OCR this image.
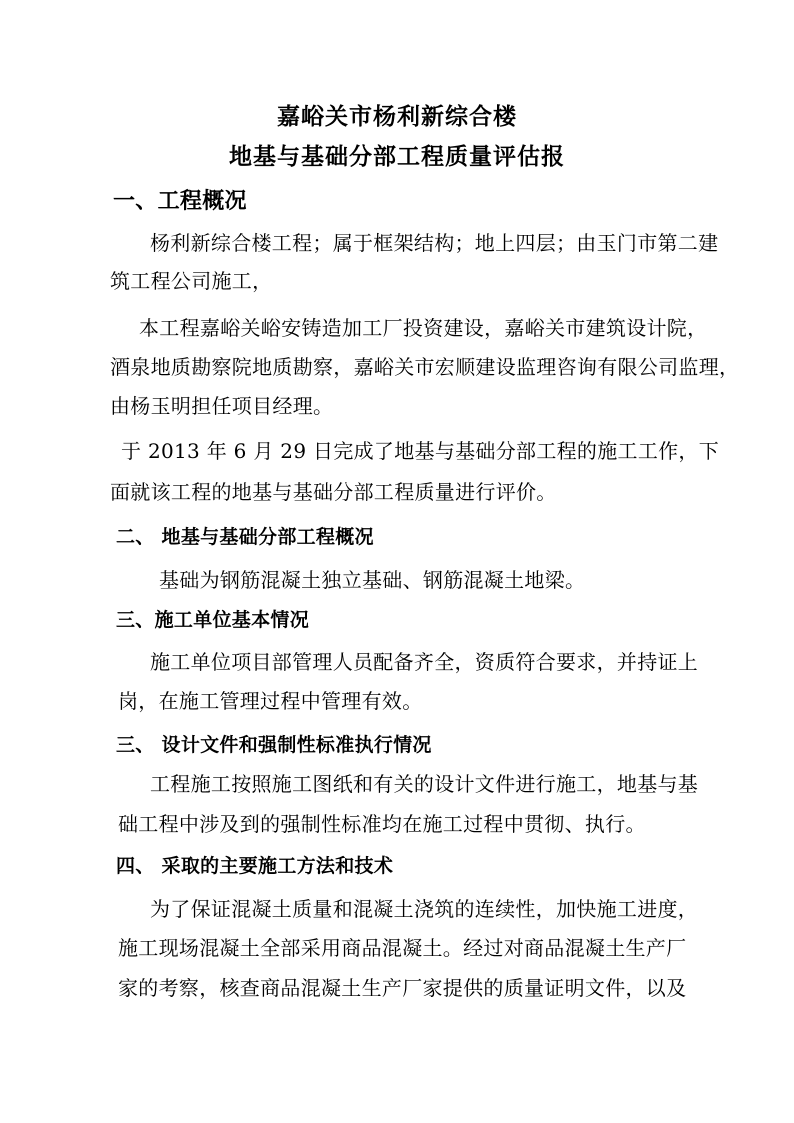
嘉峪关市杨利新综合楼
地基与基础分部工程质量评估报
一、工程概况
杨利新综合楼工程；属于框架结构；地上四层；由玉门市第二建
筑工程公司施工，
本工程嘉峪关峪安铸造加工厂投资建设，嘉峪关市建筑设计院，
酒泉地质勘察院地质勘察，嘉峪关市宏顺建设监理咨询有限公司监理，
由杨玉明担任项目经理。
于 2013 年 6 月 29 日完成了地基与基础分部工程的施工工作，下
面就该工程的地基与基础分部工程质量进行评价。
二、 地基与基础分部工程概况
基础为钢筋混凝土独立基础、钢筋混凝土地梁。
三、施工单位基本情况
施工单位项目部管理人员配备齐全，资质符合要求，并持证上
岗，在施工管理过程中管理有效。
三、 设计文件和强制性标准执行情况
工程施工按照施工图纸和有关的设计文件进行施工，地基与基
础工程中涉及到的强制性标准均在施工过程中贯彻、执行。
四、 采取的主要施工方法和技术
为了保证混凝土质量和混凝土浇筑的连续性，加快施工进度，
施工现场混凝土全部采用商品混凝土。经过对商品混凝土生产厂
家的考察，核查商品混凝土生产厂家提供的质量证明文件，以及
